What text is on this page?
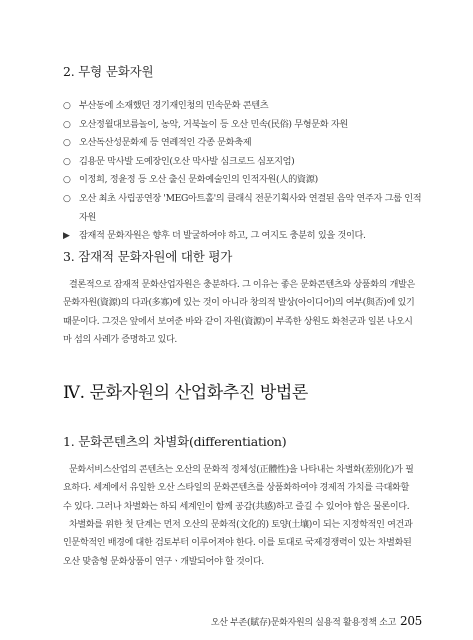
2. 무형 문화자원
○ 부산동에 소재했던 경기재인청의 민속문화 콘텐츠
○ 오산정월대보름놀이, 농악, 거북놀이 등 오산 민속(民俗) 무형문화 자원
○ 오산독산성문화제 등 연례적인 각종 문화축제
○ 김용문 막사발 도예장인(오산 막사발 심크로드 심포지엄)
○ 이정희, 정윤정 등 오산 출신 문화예술인의 인적자원(人的資源)
○ 오산 최초 사립공연장 'MEG아트홀'의 클래식 전문기획사와 연결된 음악 연주자 그룹 인적
자원
▶ 잠재적 문화자원은 향후 더 발굴하여야 하고, 그 여지도 충분히 있을 것이다.
3. 잠재적 문화자원에 대한 평가

결론적으로 잠재적 문화산업자원은 충분하다. 그 이유는 좋은 문화콘텐츠와 상품화의 개발은
문화자원(資源)의 다과(多寡)에 있는 것이 아니라 창의적 발상(아이디어)의 여부(與否)에 있기
때문이다. 그것은 앞에서 보여준 바와 같이 자원(資源)이 부족한 상원도 화천군과 일본 나오시
마 섬의 사례가 증명하고 있다.

Ⅳ. 문화자원의 산업화추진 방법론
1. 문화콘텐츠의 차별화(differentiation)

문화서비스산업의 콘텐츠는 오산의 문화적 정체성(正體性)을 나타내는 차별화(差別化)가 필
요하다. 세계에서 유일한 오산 스타일의 문화콘텐츠를 상품화하여야 경제적 가치를 극대화할
수 있다. 그러나 차별화는 하되 세계인이 함께 공감(共感)하고 즐길 수 있어야 함은 물론이다.

차별화를 위한 첫 단계는 먼저 오산의 문화적(文化的) 토양(土壤)이 되는 지정학적인 여건과
인문학적인 배경에 대한 검토부터 이루어져야 한다. 이를 토대로 국제경쟁력이 있는 차별화된
오산 맞춤형 문화상품이 연구ㆍ개발되어야 할 것이다.

오산 부존(賦存)문화자원의 실용적 활용정책 소고 205
